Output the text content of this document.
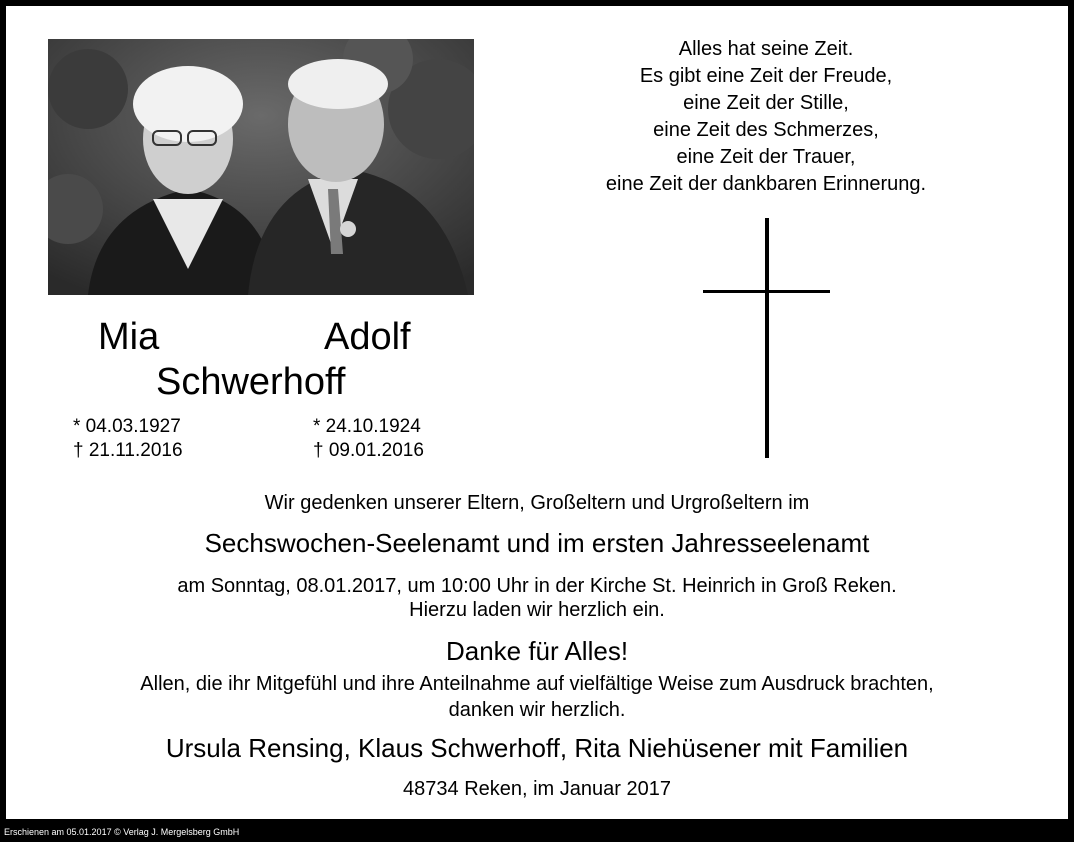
Mia	Adolf
Schwerhoff
* 04.03.1927
† 21.11.2016
* 24.10.1924
† 09.01.2016
Alles hat seine Zeit.
Es gibt eine Zeit der Freude,
eine Zeit der Stille,
eine Zeit des Schmerzes,
eine Zeit der Trauer,
eine Zeit der dankbaren Erinnerung.
Wir gedenken unserer Eltern, Großeltern und Urgroßeltern im
Sechswochen-Seelenamt und im ersten Jahresseelenamt
am Sonntag, 08.01.2017, um 10:00 Uhr in der Kirche St. Heinrich in Groß Reken.
Hierzu laden wir herzlich ein.
Danke für Alles!
Allen, die ihr Mitgefühl und ihre Anteilnahme auf vielfältige Weise zum Ausdruck brachten,
danken wir herzlich.
Ursula Rensing, Klaus Schwerhoff, Rita Niehüsener mit Familien
48734 Reken, im Januar 2017
Erschienen am 05.01.2017 © Verlag J. Mergelsberg GmbH
